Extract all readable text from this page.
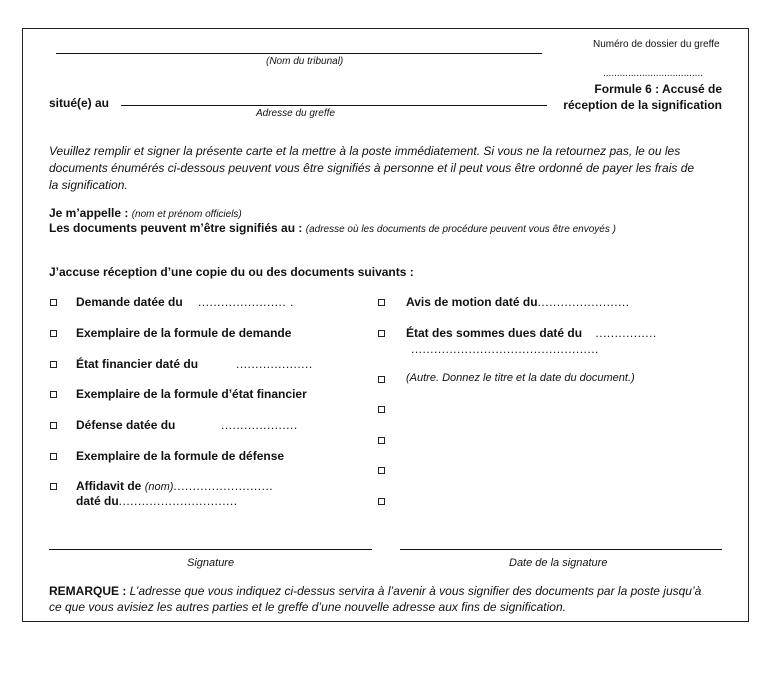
(Nom du tribunal)
Numéro de dossier du greffe
....................................
situé(e) au
Adresse du greffe
Formule 6 : Accusé de
réception de la signification
Veuillez remplir et signer la présente carte et la mettre à la poste immédiatement. Si vous ne la retournez pas, le ou les
documents énumérés ci-dessous peuvent vous être signifiés à personne et il peut vous être ordonné de payer les frais de
la signification.
Je m’appelle : (nom et prénom officiels)
Les documents peuvent m’être signifiés au : (adresse où les documents de procédure peuvent vous être envoyés )
J’accuse réception d’une copie du ou des documents suivants :
Demande datée du ....................... .
Exemplaire de la formule de demande
État financier daté du	....................
Exemplaire de la formule d’état financier
Défense datée du	....................
Exemplaire de la formule de défense
Affidavit de (nom)..........................
daté du...............................
Avis de motion daté du........................
État des sommes dues daté du ................
.................................................
(Autre. Donnez le titre et la date du document.)
Signature	Date de la signature
REMARQUE : L’adresse que vous indiquez ci-dessus servira à l’avenir à vous signifier des documents par la poste jusqu’à
ce que vous avisiez les autres parties et le greffe d’une nouvelle adresse aux fins de signification.
